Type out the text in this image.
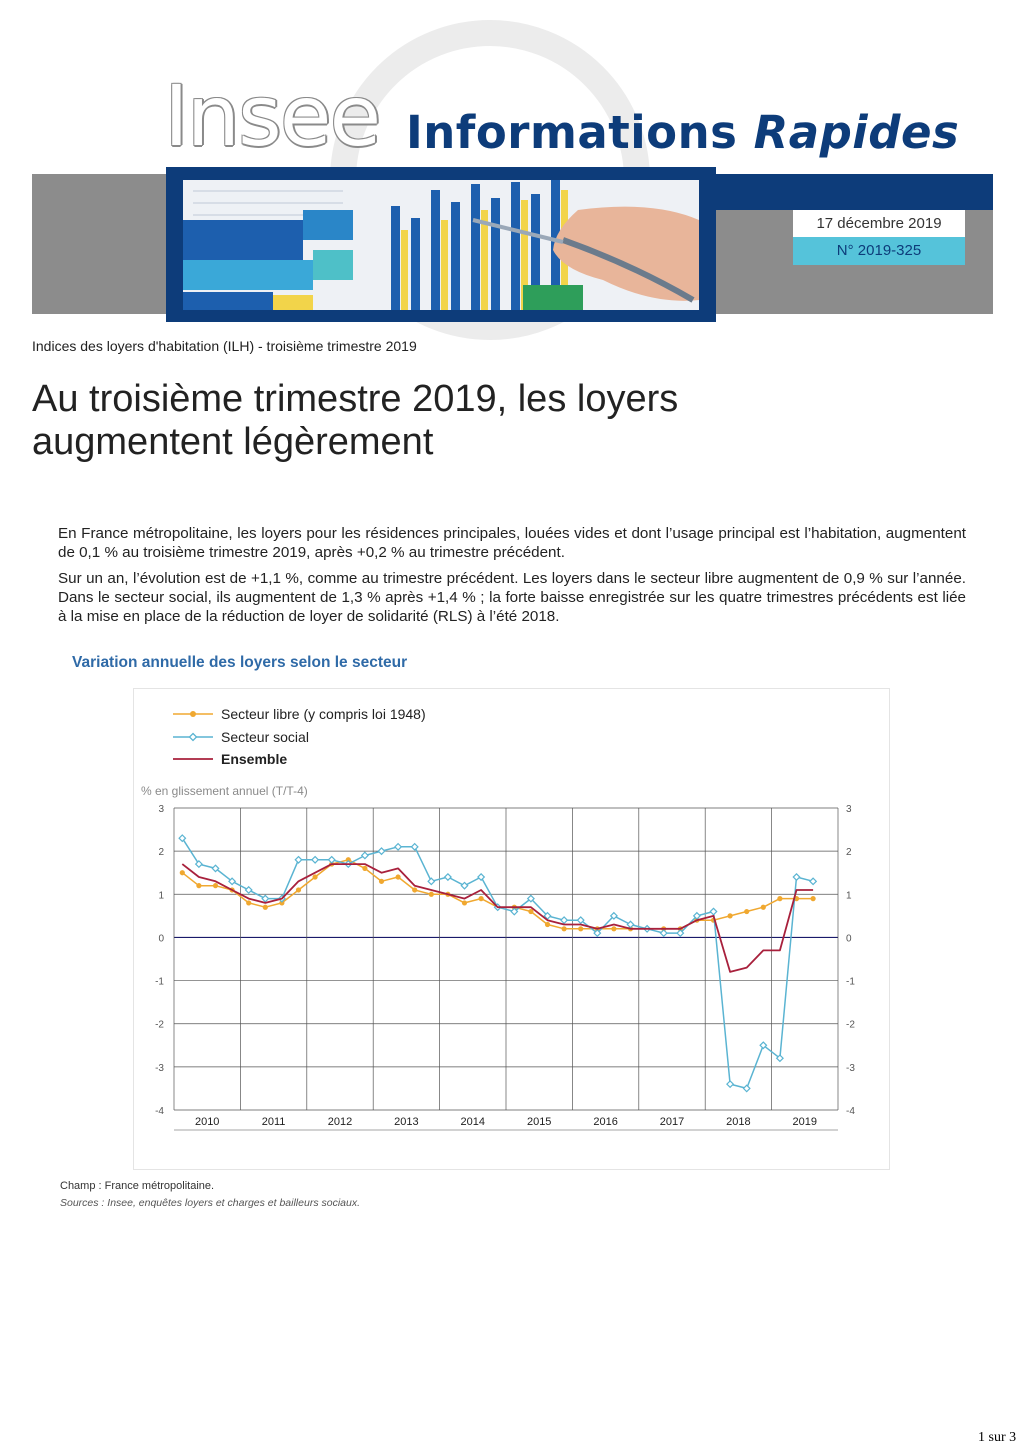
Insee Informations Rapides
17 décembre 2019
N° 2019-325
Indices des loyers d'habitation (ILH) - troisième trimestre 2019
Au troisième trimestre 2019, les loyers augmentent légèrement

En France métropolitaine, les loyers pour les résidences principales, louées vides et dont l’usage principal est l’habitation, augmentent de 0,1 % au troisième trimestre 2019, après +0,2 % au trimestre précédent.

Sur un an, l’évolution est de +1,1 %, comme au trimestre précédent. Les loyers dans le secteur libre augmentent de 0,9 % sur l’année. Dans le secteur social, ils augmentent de 1,3 % après +1,4 % ; la forte baisse enregistrée sur les quatre trimestres précédents est liée à la mise en place de la réduction de loyer de solidarité (RLS) à l’été 2018.

Variation annuelle des loyers selon le secteur
Secteur libre (y compris loi 1948)
Secteur social
Ensemble
% en glissement annuel (T/T-4)
2010	2011	2012	2013	2014	2015	2016	2017	2018	2019
3	3
2	2
1	1
0	0
-1	-1
-2	-2
-3	-3
-4	-4
Champ : France métropolitaine.
Sources : Insee, enquêtes loyers et charges et bailleurs sociaux.
1 sur 3
